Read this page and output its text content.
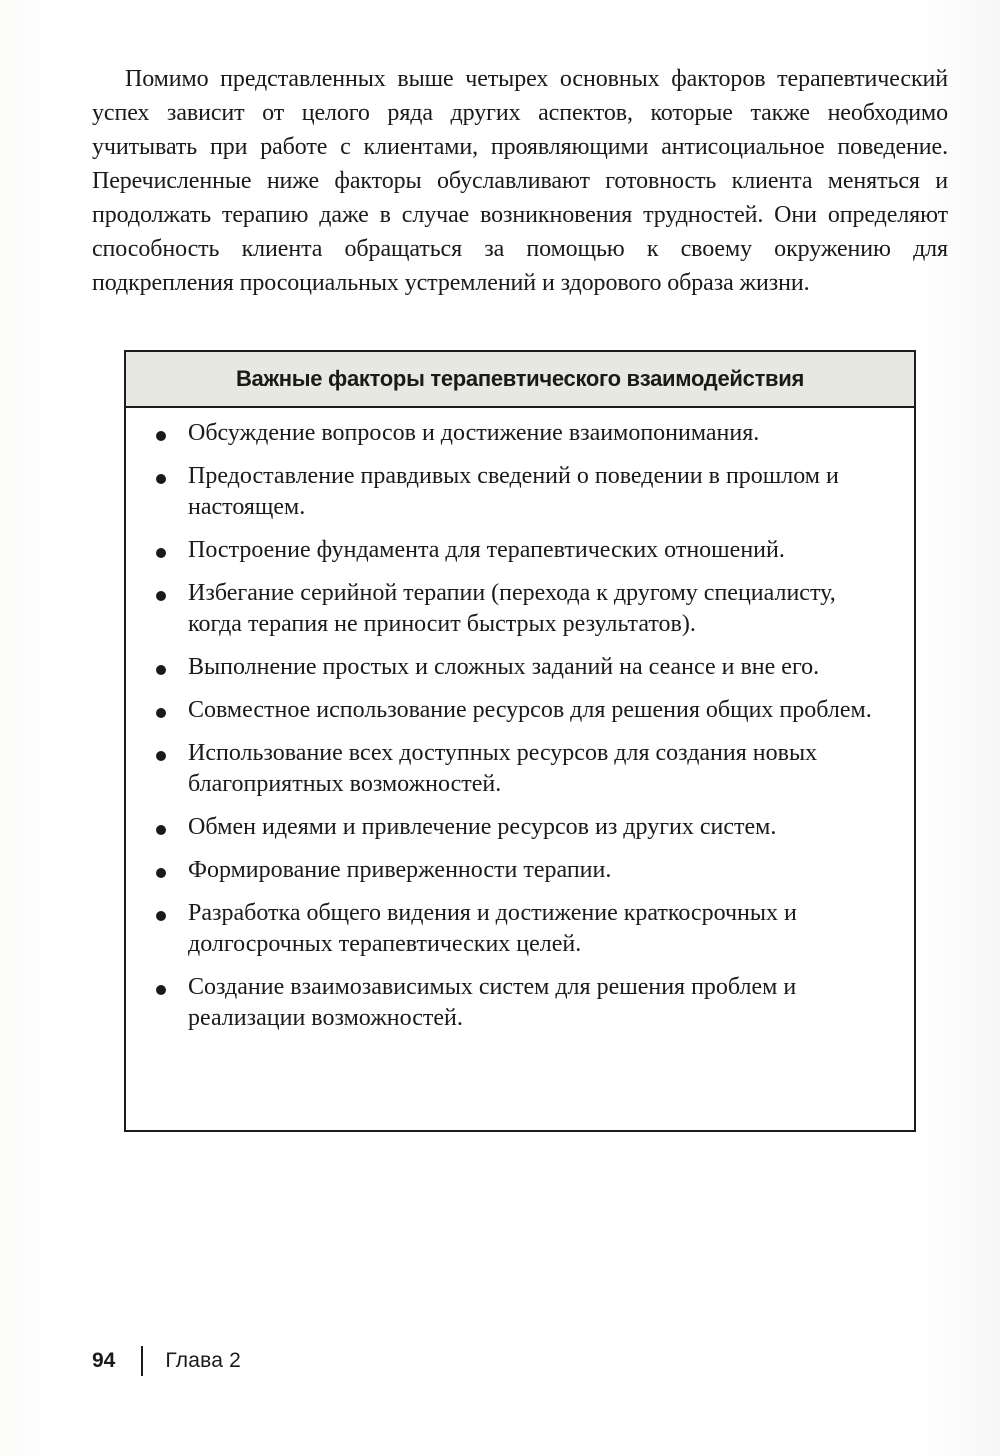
Помимо представленных выше четырех основных факторов терапевтический успех зависит от целого ряда других аспектов, которые также необходимо учитывать при работе с клиентами, проявляющими антисоциальное поведение. Перечисленные ниже факторы обуславливают готовность клиента меняться и продолжать терапию даже в случае возникновения трудностей. Они определяют способность клиента обращаться за помощью к своему окружению для подкрепления просоциальных устремлений и здорового образа жизни.

Важные факторы терапевтического взаимодействия
Обсуждение вопросов и достижение взаимопонимания.
Предоставление правдивых сведений о поведении в прошлом и настоящем.
Построение фундамента для терапевтических отношений.
Избегание серийной терапии (перехода к другому специалисту, когда терапия не приносит быстрых результатов).
Выполнение простых и сложных заданий на сеансе и вне его.
Совместное использование ресурсов для решения общих проблем.
Использование всех доступных ресурсов для создания новых благоприятных возможностей.
Обмен идеями и привлечение ресурсов из других систем.
Формирование приверженности терапии.
Разработка общего видения и достижение краткосрочных и долгосрочных терапевтических целей.
Создание взаимозависимых систем для решения проблем и реализации возможностей.
94 Глава 2
